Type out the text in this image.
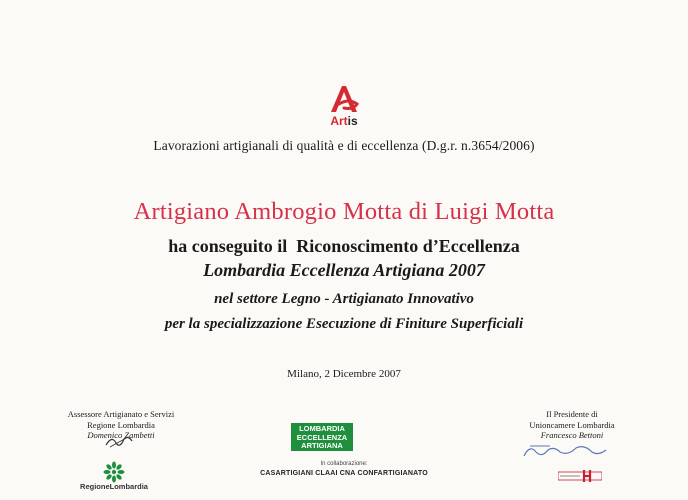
Artis
Lavorazioni artigianali di qualità e di eccellenza (D.g.r. n.3654/2006)
Artigiano Ambrogio Motta di Luigi Motta
ha conseguito il  Riconoscimento d’Eccellenza
Lombardia Eccellenza Artigiana 2007
nel settore Legno - Artigianato Innovativo
per la specializzazione Esecuzione di Finiture Superficiali
Milano, 2 Dicembre 2007
Assessore Artigianato e Servizi
Regione Lombardia
Domenico Zambetti
RegioneLombardia
LOMBARDIA
ECCELLENZA
ARTIGIANA
In collaborazione:
CASARTIGIANI CLAAI CNA CONFARTIGIANATO
Il Presidente di
Unioncamere Lombardia
Francesco Bettoni
